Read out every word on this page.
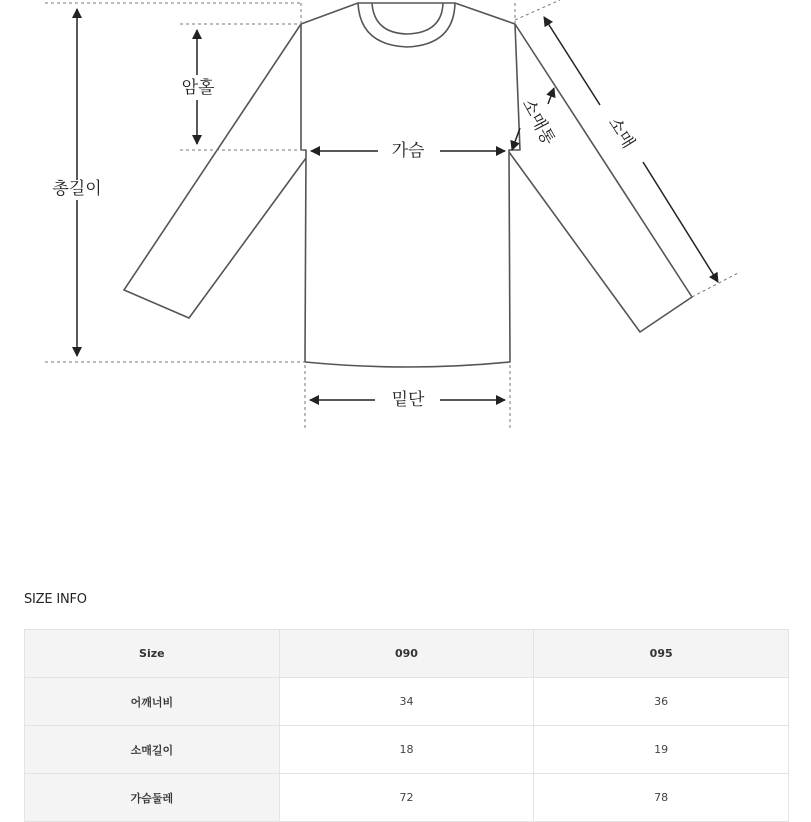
총길이
암홀
가슴
밑단
소매통	소매
SIZE INFO
Size	090	095
어깨너비	34	36
소매길이	18	19
가슴둘레	72	78
